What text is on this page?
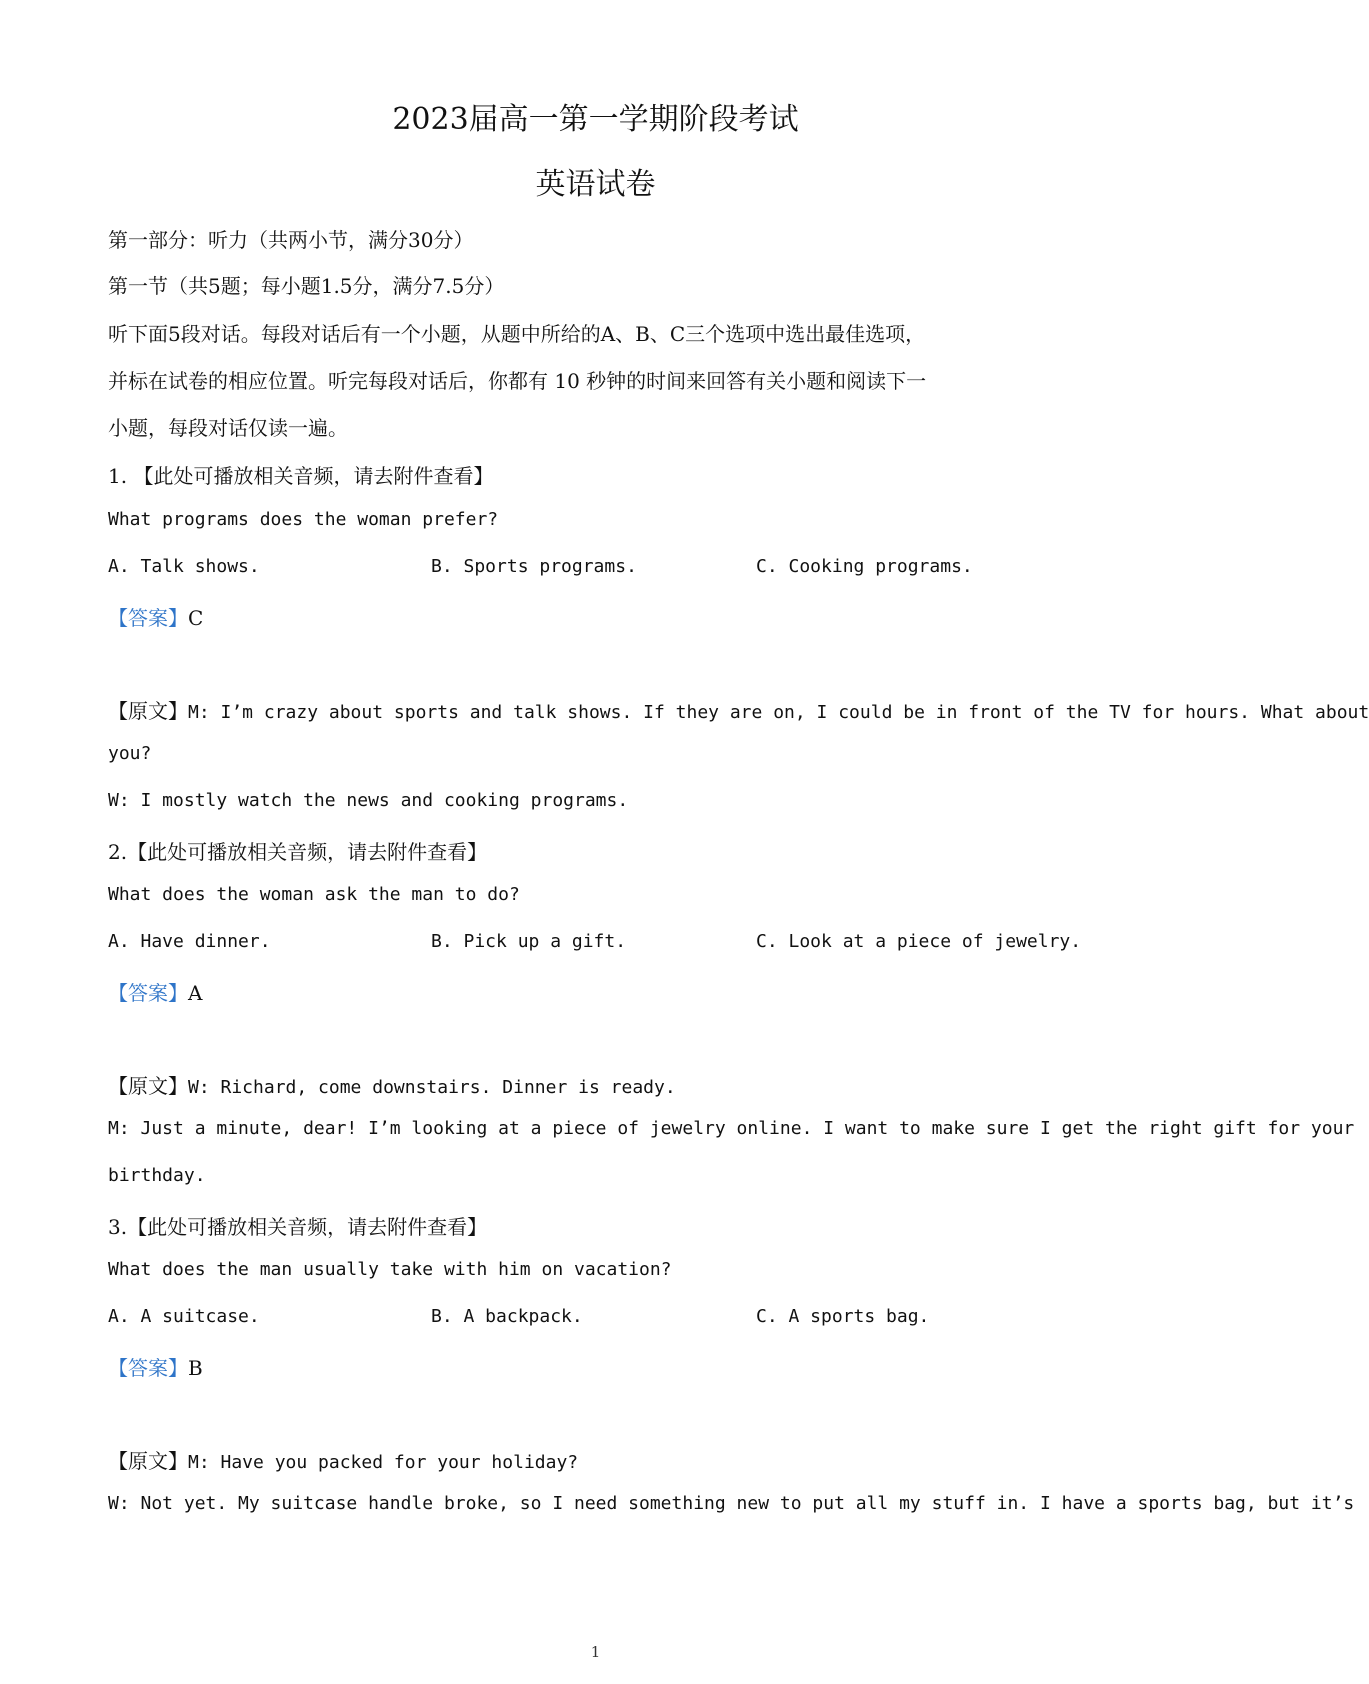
2023届高一第一学期阶段考试
英语试卷
第一部分：听力（共两小节，满分30分）
第一节（共5题；每小题1.5分，满分7.5分）
听下面5段对话。每段对话后有一个小题，从题中所给的A、B、C三个选项中选出最佳选项，
并标在试卷的相应位置。听完每段对话后，你都有 10 秒钟的时间来回答有关小题和阅读下一
小题，每段对话仅读一遍。
1. 【此处可播放相关音频，请去附件查看】
What programs does the woman prefer?
A. Talk shows.	B. Sports programs.	C. Cooking programs.
【答案】C
【原文】M: I’m crazy about sports and talk shows. If they are on, I could be in front of the TV for hours. What about
you?
W: I mostly watch the news and cooking programs.
2.【此处可播放相关音频，请去附件查看】
What does the woman ask the man to do?
A. Have dinner.	B. Pick up a gift.	C. Look at a piece of jewelry.
【答案】A
【原文】W: Richard, come downstairs. Dinner is ready.
M: Just a minute, dear! I’m looking at a piece of jewelry online. I want to make sure I get the right gift for your
birthday.
3.【此处可播放相关音频，请去附件查看】
What does the man usually take with him on vacation?
A. A suitcase.	B. A backpack.	C. A sports bag.
【答案】B
【原文】M: Have you packed for your holiday?
W: Not yet. My suitcase handle broke, so I need something new to put all my stuff in. I have a sports bag, but it’s
1
